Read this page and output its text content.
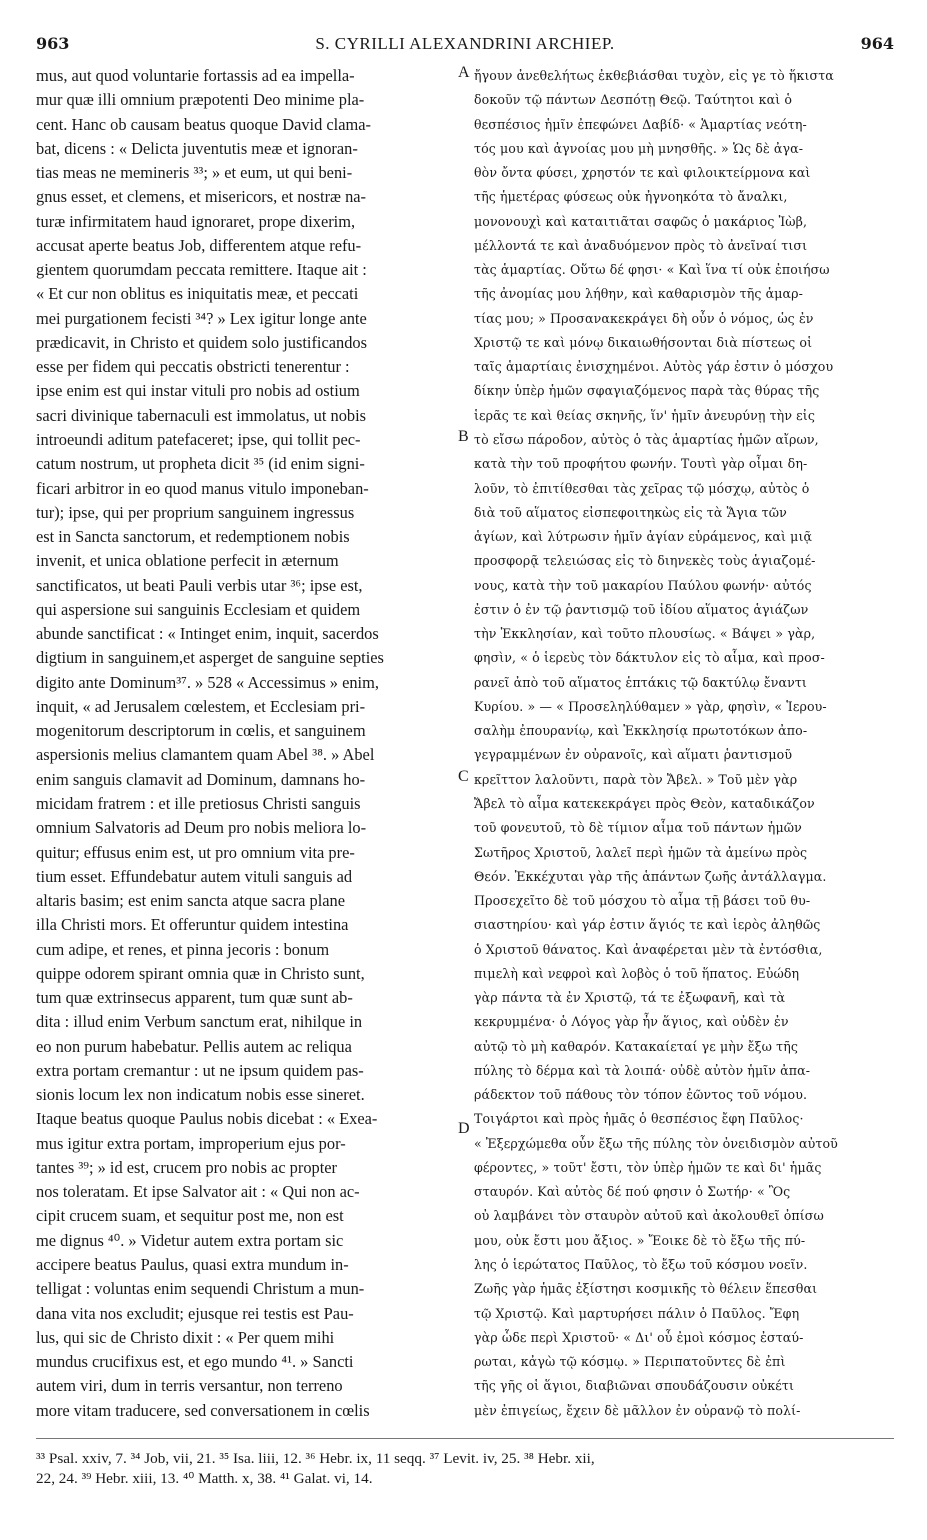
963	S. CYRILLI ALEXANDRINI ARCHIEP.	964
mus, aut quod voluntarie fortassis ad ea impella-
mur quæ illi omnium præpotenti Deo minime pla-
cent. Hanc ob causam beatus quoque David clama-
bat, dicens : « Delicta juventutis meæ et ignoran-
tias meas ne memineris ³³; » et eum, ut qui beni-
gnus esset, et clemens, et misericors, et nostræ na-
turæ infirmitatem haud ignoraret, prope dixerim,
accusat aperte beatus Job, differentem atque refu-
gientem quorumdam peccata remittere. Itaque ait :
« Et cur non oblitus es iniquitatis meæ, et peccati
mei purgationem fecisti ³⁴? » Lex igitur longe ante
prædicavit, in Christo et quidem solo justificandos
esse per fidem qui peccatis obstricti tenerentur :
ipse enim est qui instar vituli pro nobis ad ostium
sacri divinique tabernaculi est immolatus, ut nobis
introeundi aditum patefaceret; ipse, qui tollit pec-
catum nostrum, ut propheta dicit ³⁵ (id enim signi-
ficari arbitror in eo quod manus vitulo imponeban-
tur); ipse, qui per proprium sanguinem ingressus
est in Sancta sanctorum, et redemptionem nobis
invenit, et unica oblatione perfecit in æternum
sanctificatos, ut beati Pauli verbis utar ³⁶; ipse est,
qui aspersione sui sanguinis Ecclesiam et quidem
abunde sanctificat : « Intinget enim, inquit, sacerdos
digtium in sanguinem,et asperget de sanguine septies
digito ante Dominum³⁷. » 528 « Accessimus » enim,
inquit, « ad Jerusalem cœlestem, et Ecclesiam pri-
mogenitorum descriptorum in cœlis, et sanguinem
aspersionis melius clamantem quam Abel ³⁸. » Abel
enim sanguis clamavit ad Dominum, damnans ho-
micidam fratrem : et ille pretiosus Christi sanguis
omnium Salvatoris ad Deum pro nobis meliora lo-
quitur; effusus enim est, ut pro omnium vita pre-
tium esset. Effundebatur autem vituli sanguis ad
altaris basim; est enim sancta atque sacra plane
illa Christi mors. Et offeruntur quidem intestina
cum adipe, et renes, et pinna jecoris : bonum
quippe odorem spirant omnia quæ in Christo sunt,
tum quæ extrinsecus apparent, tum quæ sunt ab-
dita : illud enim Verbum sanctum erat, nihilque in
eo non purum habebatur. Pellis autem ac reliqua
extra portam cremantur : ut ne ipsum quidem pas-
sionis locum lex non indicatum nobis esse sineret.
Itaque beatus quoque Paulus nobis dicebat : « Exea-
mus igitur extra portam, improperium ejus por-
tantes ³⁹; » id est, crucem pro nobis ac propter
nos toleratam. Et ipse Salvator ait : « Qui non ac-
cipit crucem suam, et sequitur post me, non est
me dignus ⁴⁰. » Videtur autem extra portam sic
accipere beatus Paulus, quasi extra mundum in-
telligat : voluntas enim sequendi Christum a mun-
dana vita nos excludit; ejusque rei testis est Pau-
lus, qui sic de Christo dixit : « Per quem mihi
mundus crucifixus est, et ego mundo ⁴¹. » Sancti
autem viri, dum in terris versantur, non terreno
more vitam traducere, sed conversationem in cœlis
ἤγουν ἀνεθελήτως ἐκθεβιάσθαι τυχὸν, εἰς γε τὸ ἥκιστα
δοκοῦν τῷ πάντων Δεσπότῃ Θεῷ. Ταύτητοι καὶ ὁ
θεσπέσιος ἡμῖν ἐπεφώνει Δαβίδ· « Ἁμαρτίας νεότη-
τός μου καὶ ἀγνοίας μου μὴ μνησθῆς. » Ὡς δὲ ἀγα-
θὸν ὄντα φύσει, χρηστόν τε καὶ φιλοικτείρμονα καὶ
τῆς ἡμετέρας φύσεως οὐκ ἠγνοηκότα τὸ ἄναλκι,
μονονουχὶ καὶ καταιτιᾶται σαφῶς ὁ μακάριος Ἰὼβ,
μέλλοντά τε καὶ ἀναδυόμενον πρὸς τὸ ἀνεῖναί τισι
τὰς ἁμαρτίας. Οὕτω δέ φησι· « Καὶ ἵνα τί οὐκ ἐποιήσω
τῆς ἀνομίας μου λήθην, καὶ καθαρισμὸν τῆς ἁμαρ-
τίας μου; » Προσανακεκράγει δὴ οὖν ὁ νόμος, ὡς ἐν
Χριστῷ τε καὶ μόνῳ δικαιωθήσονται διὰ πίστεως οἱ
ταῖς ἁμαρτίαις ἐνισχημένοι. Αὐτὸς γάρ ἐστιν ὁ μόσχου
δίκην ὑπὲρ ἡμῶν σφαγιαζόμενος παρὰ τὰς θύρας τῆς
ἱερᾶς τε καὶ θείας σκηνῆς, ἵν' ἡμῖν ἀνευρύνῃ τὴν εἰς
τὸ εἴσω πάροδον, αὐτὸς ὁ τὰς ἁμαρτίας ἡμῶν αἴρων,
κατὰ τὴν τοῦ προφήτου φωνήν. Τουτὶ γὰρ οἶμαι δη-
λοῦν, τὸ ἐπιτίθεσθαι τὰς χεῖρας τῷ μόσχῳ, αὐτὸς ὁ
διὰ τοῦ αἵματος εἰσπεφοιτηκὼς εἰς τὰ Ἅγια τῶν
ἁγίων, καὶ λύτρωσιν ἡμῖν ἁγίαν εὑράμενος, καὶ μιᾷ
προσφορᾷ τελειώσας εἰς τὸ διηνεκὲς τοὺς ἁγιαζομέ-
νους, κατὰ τὴν τοῦ μακαρίου Παύλου φωνήν· αὐτός
ἐστιν ὁ ἐν τῷ ῥαντισμῷ τοῦ ἰδίου αἵματος ἁγιάζων
τὴν Ἐκκλησίαν, καὶ τοῦτο πλουσίως. « Βάψει » γὰρ,
φησὶν, « ὁ ἱερεὺς τὸν δάκτυλον εἰς τὸ αἷμα, καὶ προσ-
ρανεῖ ἀπὸ τοῦ αἵματος ἑπτάκις τῷ δακτύλῳ ἔναντι
Κυρίου. » — « Προσεληλύθαμεν » γὰρ, φησὶν, « Ἱερου-
σαλὴμ ἐπουρανίῳ, καὶ Ἐκκλησίᾳ πρωτοτόκων ἀπο-
γεγραμμένων ἐν οὐρανοῖς, καὶ αἵματι ῥαντισμοῦ
κρεῖττον λαλοῦντι, παρὰ τὸν Ἄβελ. » Τοῦ μὲν γὰρ
Ἄβελ τὸ αἷμα κατεκεκράγει πρὸς Θεὸν, καταδικάζον
τοῦ φονευτοῦ, τὸ δὲ τίμιον αἷμα τοῦ πάντων ἡμῶν
Σωτῆρος Χριστοῦ, λαλεῖ περὶ ἡμῶν τὰ ἀμείνω πρὸς
Θεόν. Ἐκκέχυται γὰρ τῆς ἁπάντων ζωῆς ἀντάλλαγμα.
Προσεχεῖτο δὲ τοῦ μόσχου τὸ αἷμα τῇ βάσει τοῦ θυ-
σιαστηρίου· καὶ γάρ ἐστιν ἅγιός τε καὶ ἱερὸς ἀληθῶς
ὁ Χριστοῦ θάνατος. Καὶ ἀναφέρεται μὲν τὰ ἐντόσθια,
πιμελὴ καὶ νεφροὶ καὶ λοβὸς ὁ τοῦ ἥπατος. Εὐώδη
γὰρ πάντα τὰ ἐν Χριστῷ, τά τε ἐξωφανῆ, καὶ τὰ
κεκρυμμένα· ὁ Λόγος γὰρ ἦν ἅγιος, καὶ οὐδὲν ἐν
αὐτῷ τὸ μὴ καθαρόν. Κατακαίεταί γε μὴν ἔξω τῆς
πύλης τὸ δέρμα καὶ τὰ λοιπά· οὐδὲ αὐτὸν ἡμῖν ἀπα-
ράδεκτον τοῦ πάθους τὸν τόπον ἐῶντος τοῦ νόμου.
Τοιγάρτοι καὶ πρὸς ἡμᾶς ὁ θεσπέσιος ἔφη Παῦλος·
« Ἐξερχώμεθα οὖν ἔξω τῆς πύλης τὸν ὀνειδισμὸν αὐτοῦ
φέροντες, » τοῦτ' ἔστι, τὸν ὑπὲρ ἡμῶν τε καὶ δι' ἡμᾶς
σταυρόν. Καὶ αὐτὸς δέ πού φησιν ὁ Σωτήρ· « Ὃς
οὐ λαμβάνει τὸν σταυρὸν αὐτοῦ καὶ ἀκολουθεῖ ὀπίσω
μου, οὐκ ἔστι μου ἄξιος. » Ἔοικε δὲ τὸ ἔξω τῆς πύ-
λης ὁ ἱερώτατος Παῦλος, τὸ ἔξω τοῦ κόσμου νοεῖν.
Ζωῆς γὰρ ἡμᾶς ἐξίστησι κοσμικῆς τὸ θέλειν ἕπεσθαι
τῷ Χριστῷ. Καὶ μαρτυρήσει πάλιν ὁ Παῦλος. Ἔφη
γὰρ ὧδε περὶ Χριστοῦ· « Δι' οὗ ἐμοὶ κόσμος ἐσταύ-
ρωται, κἀγὼ τῷ κόσμῳ. » Περιπατοῦντες δὲ ἐπὶ
τῆς γῆς οἱ ἅγιοι, διαβιῶναι σπουδάζουσιν οὐκέτι
μὲν ἐπιγείως, ἔχειν δὲ μᾶλλον ἐν οὐρανῷ τὸ πολί-
A
B
C
D
³³ Psal. xxiv, 7. ³⁴ Job, vii, 21. ³⁵ Isa. liii, 12. ³⁶ Hebr. ix, 11 seqq. ³⁷ Levit. iv, 25. ³⁸ Hebr. xii,
22, 24. ³⁹ Hebr. xiii, 13. ⁴⁰ Matth. x, 38. ⁴¹ Galat. vi, 14.
